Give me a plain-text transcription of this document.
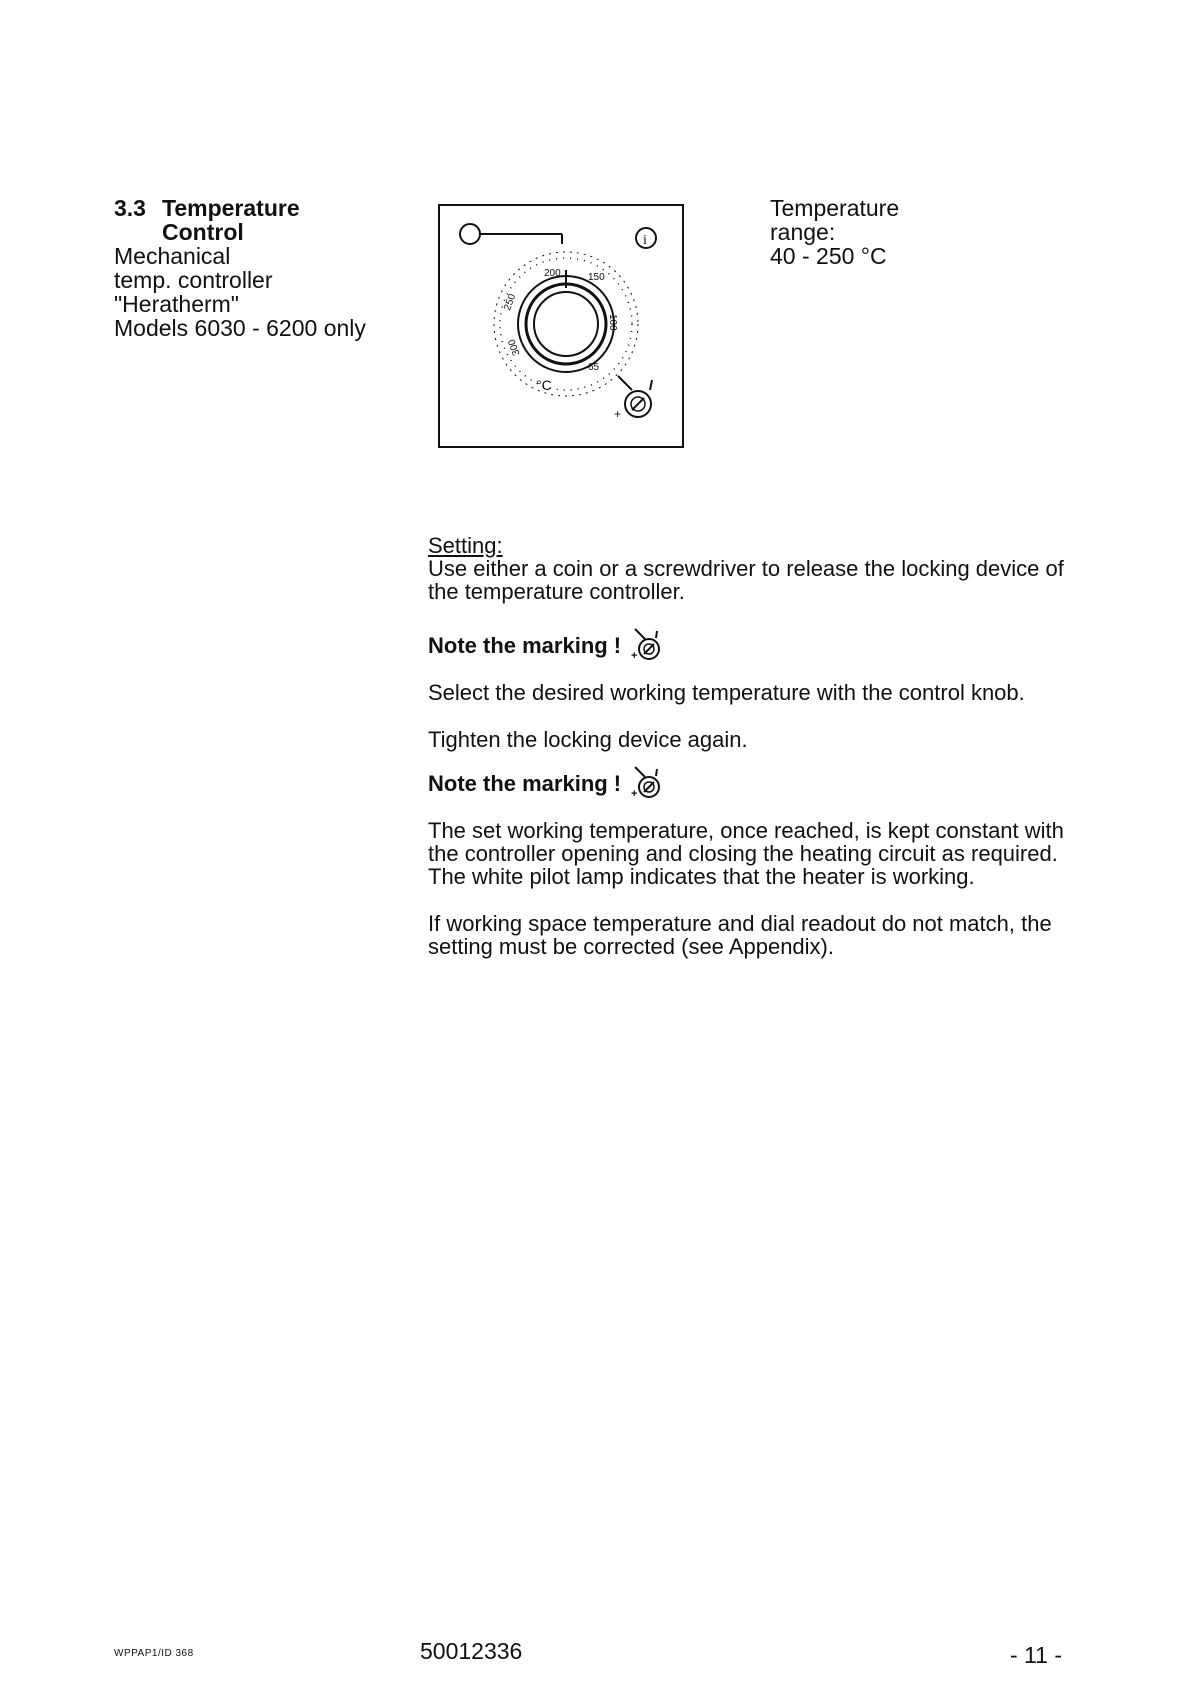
3.3 Temperature
Control
Mechanical
temp. controller
"Heratherm"
Models 6030 - 6200 only
i
200	150
100
65
250
300
°C
+
Temperature
range:
40 - 250 °C
Setting:

Use either a coin or a screwdriver to release the locking device of the temperature controller.

Note the marking ! +

Select the desired working temperature with the control knob.

Tighten the locking device again.

Note the marking ! +

The set working temperature, once reached, is kept constant with the controller opening and closing the heating circuit as required. The white pilot lamp indicates that the heater is working.

If working space temperature and dial readout do not match, the setting must be corrected (see Appendix).

WPPAP1/ID 368	50012336	- 11 -
